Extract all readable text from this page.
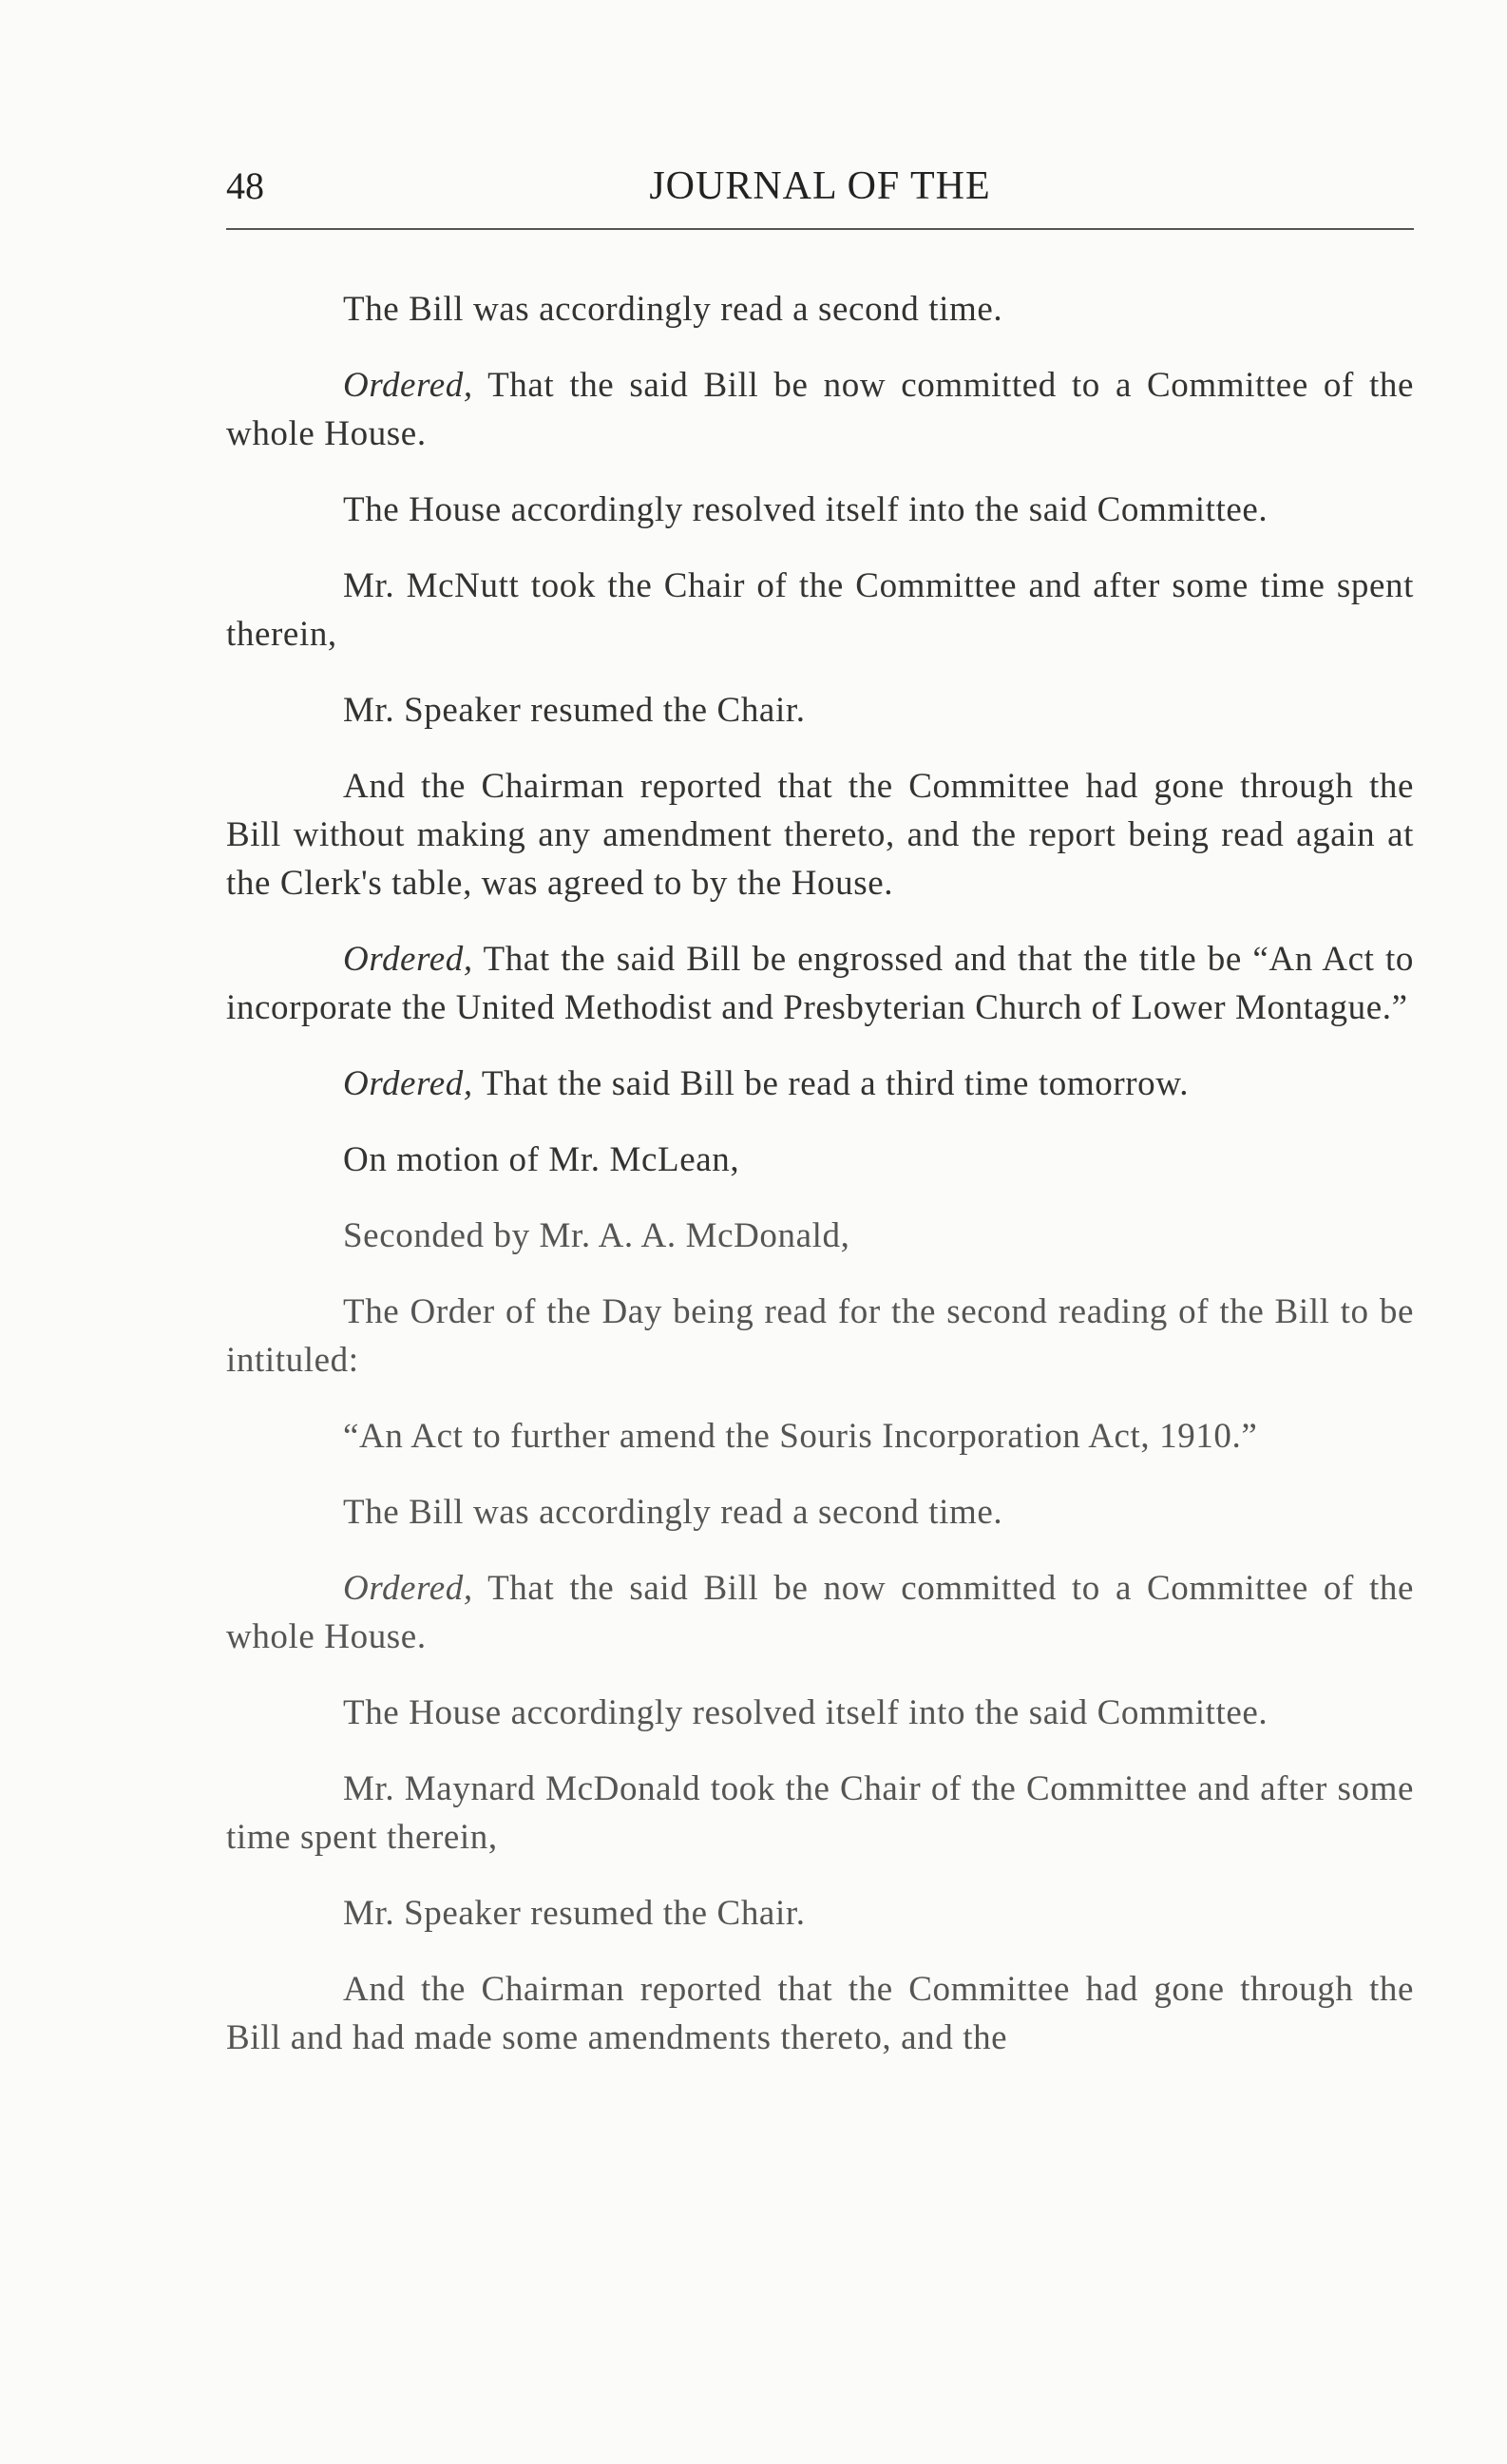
48	JOURNAL OF THE

The Bill was accordingly read a second time.

Ordered, That the said Bill be now committed to a Committee of the whole House.

The House accordingly resolved itself into the said Committee.

Mr. McNutt took the Chair of the Committee and after some time spent therein,

Mr. Speaker resumed the Chair.

And the Chairman reported that the Committee had gone through the Bill without making any amendment thereto, and the report being read again at the Clerk's table, was agreed to by the House.

Ordered, That the said Bill be engrossed and that the title be “An Act to incorporate the United Methodist and Presbyterian Church of Lower Montague.”

Ordered, That the said Bill be read a third time tomorrow.

On motion of Mr. McLean,

Seconded by Mr. A. A. McDonald,

The Order of the Day being read for the second reading of the Bill to be intituled:

“An Act to further amend the Souris Incorporation Act, 1910.”

The Bill was accordingly read a second time.

Ordered, That the said Bill be now committed to a Committee of the whole House.

The House accordingly resolved itself into the said Committee.

Mr. Maynard McDonald took the Chair of the Committee and after some time spent therein,

Mr. Speaker resumed the Chair.

And the Chairman reported that the Committee had gone through the Bill and had made some amendments thereto, and the
